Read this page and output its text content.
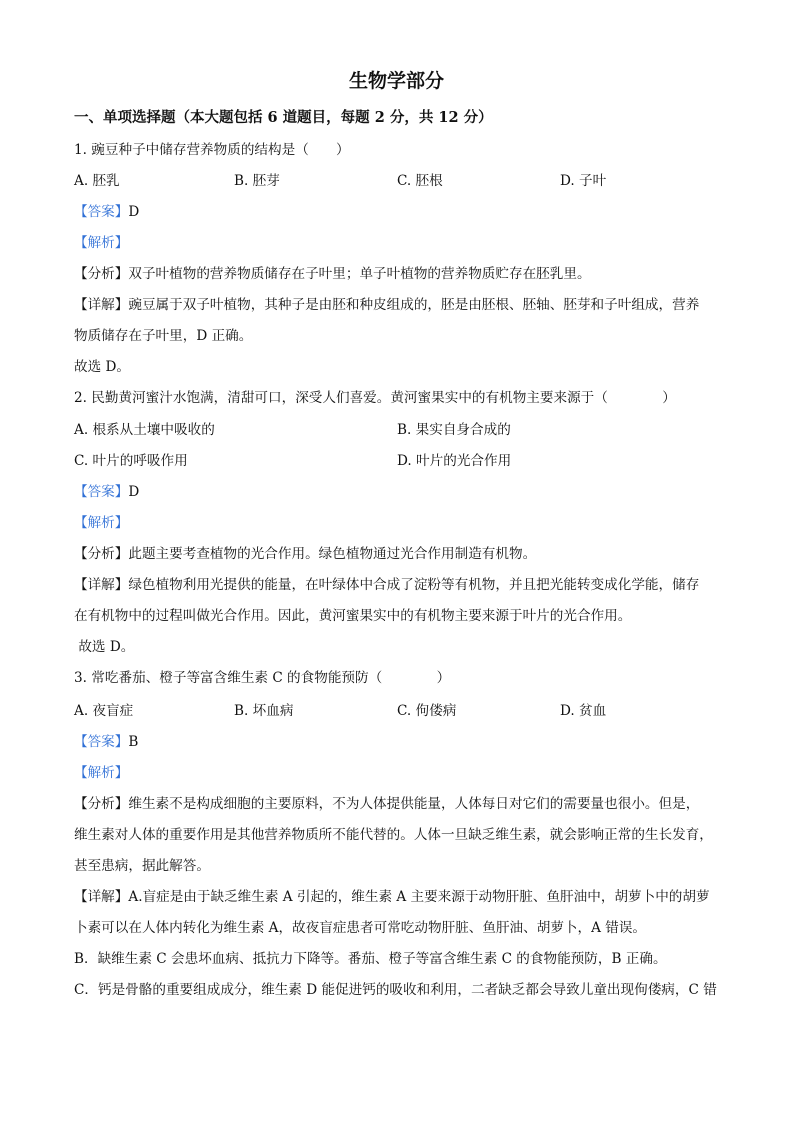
生物学部分
一、单项选择题（本大题包括 6 道题目，每题 2 分，共 12 分）
1. 豌豆种子中储存营养物质的结构是（　　）
A. 胚乳	B. 胚芽	C. 胚根	D. 子叶
【答案】D
【解析】
【分析】双子叶植物的营养物质储存在子叶里；单子叶植物的营养物质贮存在胚乳里。
【详解】豌豆属于双子叶植物，其种子是由胚和种皮组成的，胚是由胚根、胚轴、胚芽和子叶组成，营养
物质储存在子叶里，D 正确。
故选 D。
2. 民勤黄河蜜汁水饱满，清甜可口，深受人们喜爱。黄河蜜果实中的有机物主要来源于（　　　　）
A. 根系从土壤中吸收的	B. 果实自身合成的
C. 叶片的呼吸作用	D. 叶片的光合作用
【答案】D
【解析】
【分析】此题主要考查植物的光合作用。绿色植物通过光合作用制造有机物。
【详解】绿色植物利用光提供的能量，在叶绿体中合成了淀粉等有机物，并且把光能转变成化学能，储存
在有机物中的过程叫做光合作用。因此，黄河蜜果实中的有机物主要来源于叶片的光合作用。
故选 D。
3. 常吃番茄、橙子等富含维生素 C 的食物能预防（　　　　）
A. 夜盲症	B. 坏血病	C. 佝偻病	D. 贫血
【答案】B
【解析】
【分析】维生素不是构成细胞的主要原料，不为人体提供能量，人体每日对它们的需要量也很小。但是，
维生素对人体的重要作用是其他营养物质所不能代替的。人体一旦缺乏维生素，就会影响正常的生长发育，
甚至患病，据此解答。
【详解】A.盲症是由于缺乏维生素 A 引起的，维生素 A 主要来源于动物肝脏、鱼肝油中，胡萝卜中的胡萝
卜素可以在人体内转化为维生素 A，故夜盲症患者可常吃动物肝脏、鱼肝油、胡萝卜，A 错误。
B．缺维生素 C 会患坏血病、抵抗力下降等。番茄、橙子等富含维生素 C 的食物能预防，B 正确。
C．钙是骨骼的重要组成成分，维生素 D 能促进钙的吸收和利用，二者缺乏都会导致儿童出现佝偻病，C 错
